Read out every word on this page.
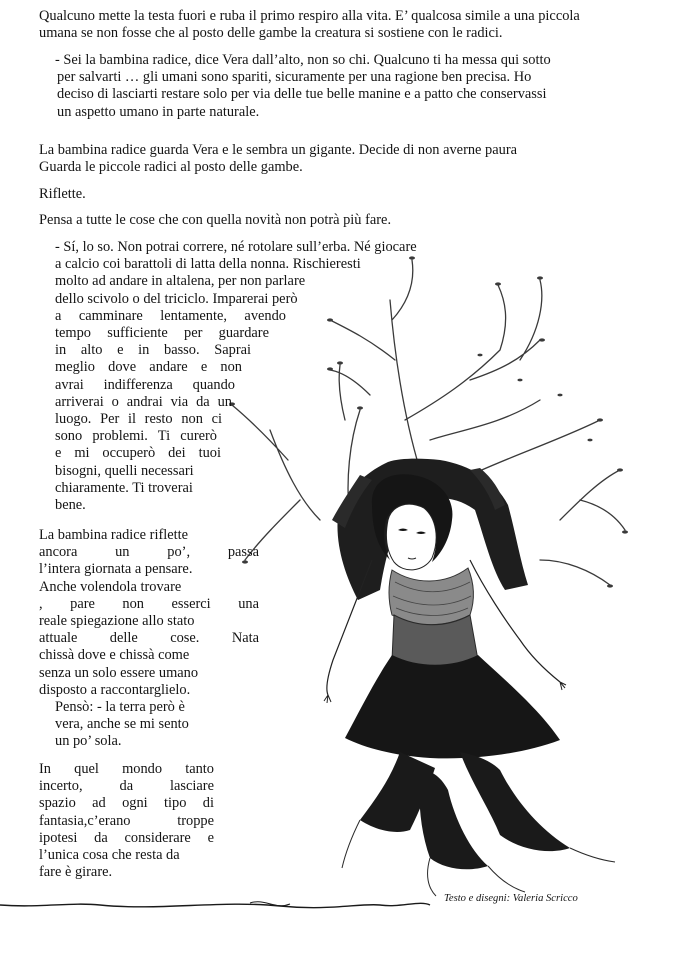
Qualcuno mette la testa fuori e ruba il primo respiro alla vita. E’ qualcosa simile a una piccola
umana se non fosse che al posto delle gambe la creatura si sostiene con le radici.
- Sei la bambina radice, dice Vera dall’alto, non so chi. Qualcuno ti ha messa qui sotto
per salvarti … gli umani sono spariti, sicuramente per una ragione ben precisa. Ho
deciso di lasciarti restare solo per via delle tue belle manine e a patto che conservassi
un aspetto umano in parte naturale.
La bambina radice guarda Vera e le sembra un gigante. Decide di non averne paura
Guarda le piccole radici al posto delle gambe.
Riflette.
Pensa a tutte le cose che con quella novità non potrà più fare.
- Sí, lo so. Non potrai correre, né rotolare sull’erba. Né giocare
a calcio coi barattoli di latta della nonna. Rischieresti
molto ad andare in altalena, per non parlare
dello scivolo o del triciclo. Imparerai però
a camminare lentamente, avendo
tempo sufficiente per guardare
in alto e in basso. Saprai
meglio dove andare e non
avrai indifferenza quando
arriverai o andrai via da un
luogo. Per il resto non ci
sono problemi. Ti curerò
e mi occuperò dei tuoi
bisogni, quelli necessari
chiaramente. Ti troverai
bene.
La bambina radice riflette
ancora un po’, passa
l’intera giornata a pensare.
Anche volendola trovare
, pare non esserci una
reale spiegazione allo stato
attuale delle cose. Nata
chissà dove e chissà come
senza un solo essere umano
disposto a raccontarglielo.
Pensò: - la terra però è
vera, anche se mi sento
un po’ sola.
In quel mondo tanto
incerto, da lasciare
spazio ad ogni tipo di
fantasia,c’erano troppe
ipotesi da considerare e
l’unica cosa che resta da
fare è girare.
Testo e disegni: Valeria Scricco
